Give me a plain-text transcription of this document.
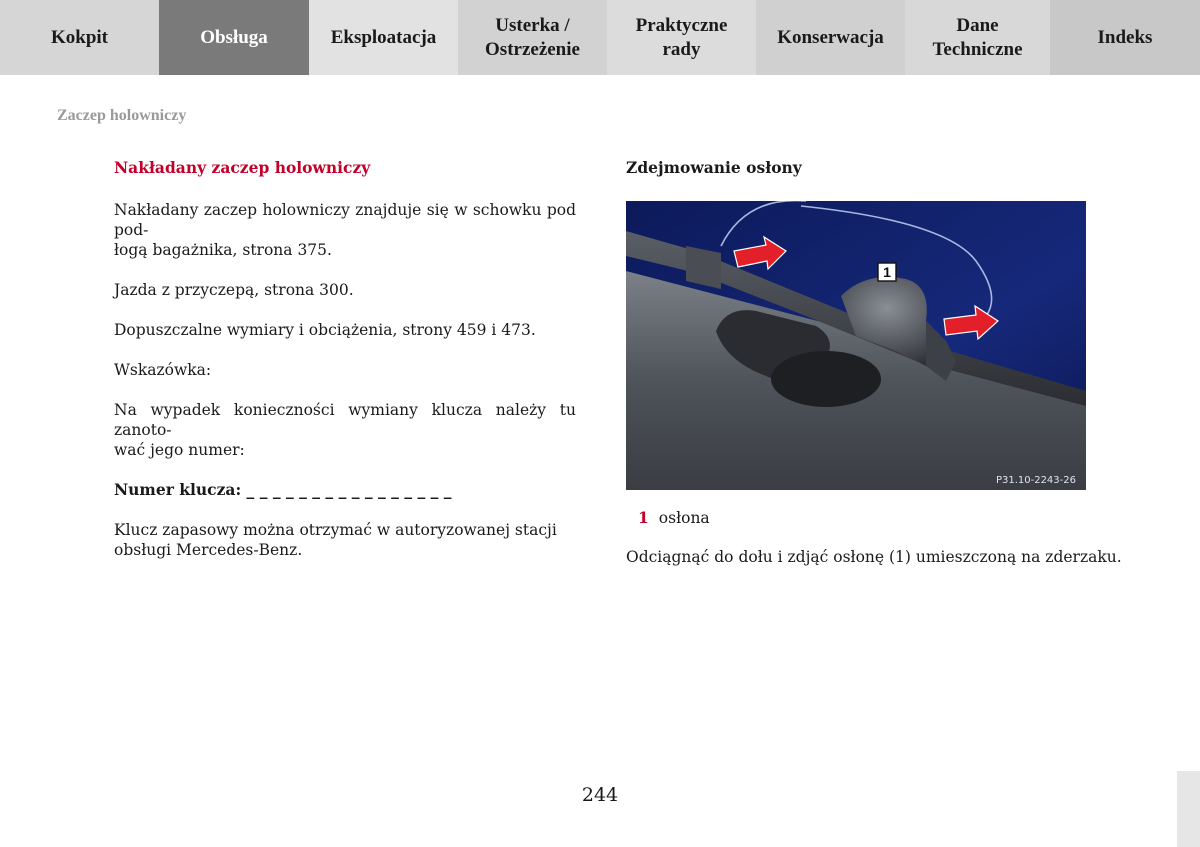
Kokpit	Obsługa	Eksploatacja
Usterka /
Ostrzeżenie
Praktyczne
rady
Konserwacja
Dane
Techniczne
Indeks
Zaczep holowniczy

Nakładany zaczep holowniczy

Nakładany zaczep holowniczy znajduje się w schowku pod pod-
łogą bagażnika, strona 375.

Jazda z przyczepą, strona 300.

Dopuszczalne wymiary i obciążenia, strony 459 i 473.

Wskazówka:

Na wypadek konieczności wymiany klucza należy tu zanoto-
wać jego numer:

Numer klucza: _ _ _ _ _ _ _ _ _ _ _ _ _ _ _ _

Klucz zapasowy można otrzymać w autoryzowanej stacji
obsługi Mercedes-Benz.

Zdejmowanie osłony

1
P31.10-2243-26
1 osłona
Odciągnąć do dołu i zdjąć osłonę (1) umieszczoną na zderzaku.
244
